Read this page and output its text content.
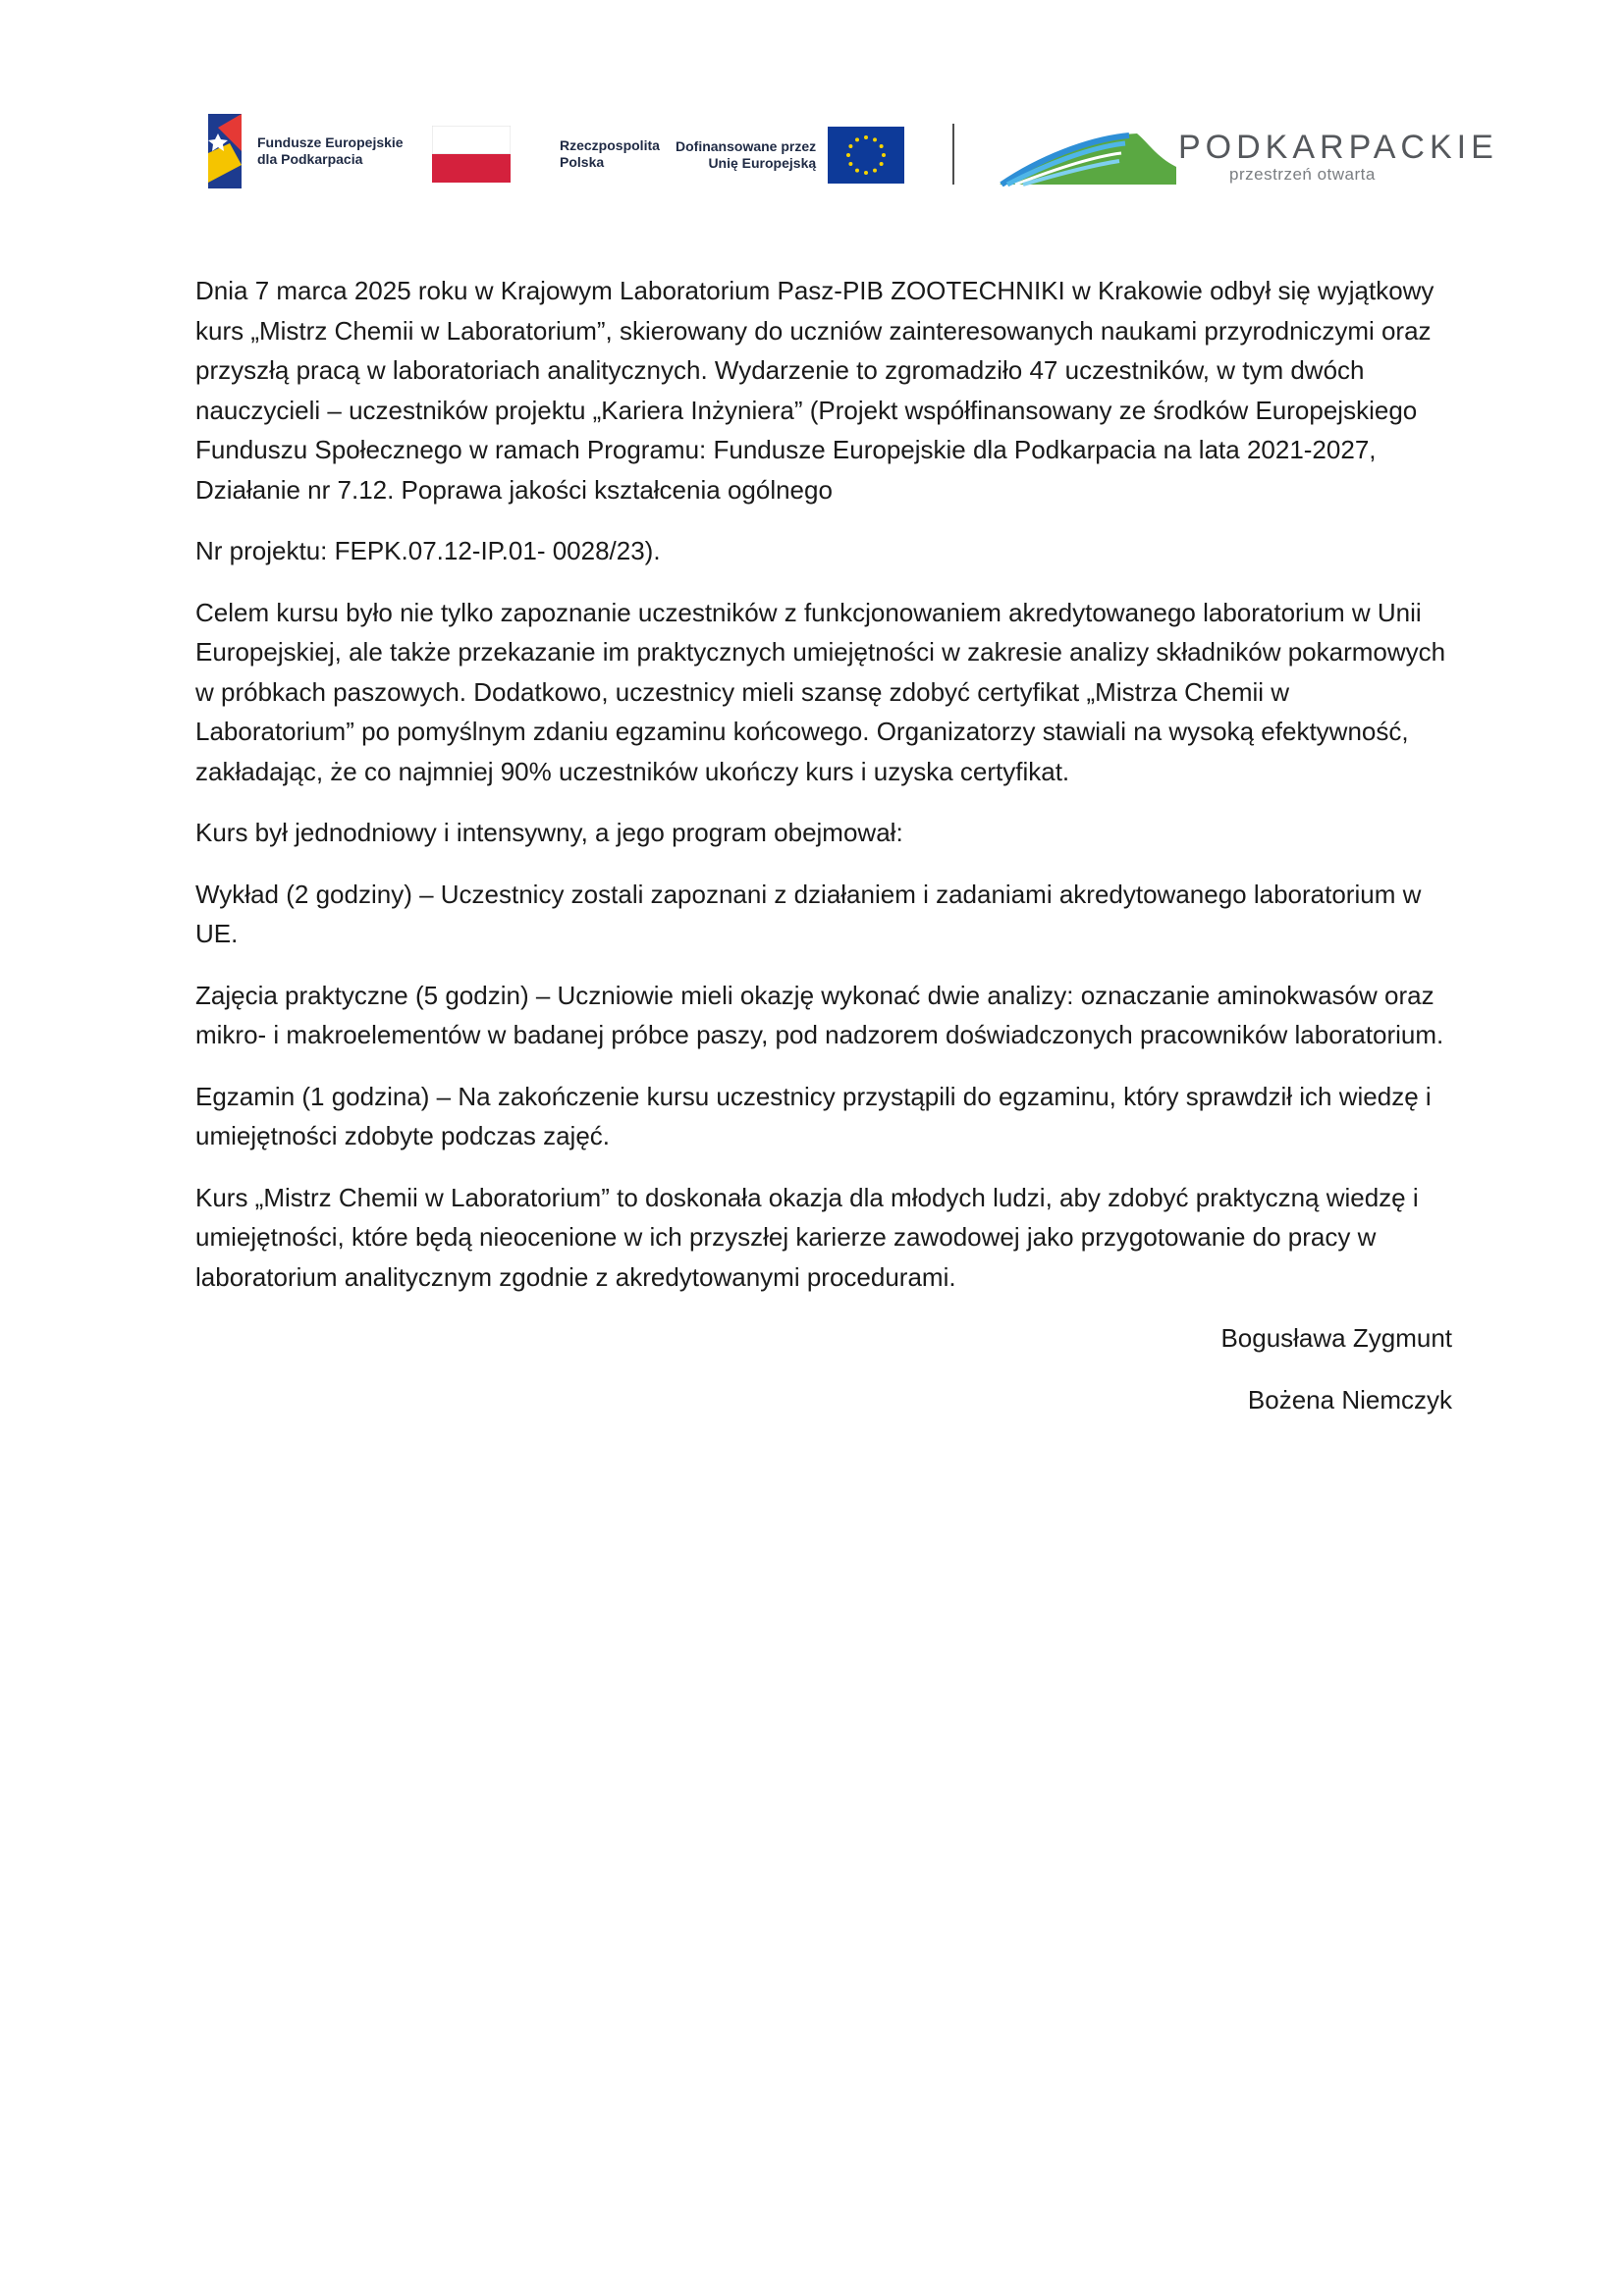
Fundusze Europejskie
dla Podkarpacia
Rzeczpospolita
Polska
Dofinansowane przez
Unię Europejską	PODKARPACKIE
przestrzeń otwarta

Dnia 7 marca 2025 roku w Krajowym Laboratorium Pasz-PIB ZOOTECHNIKI w Krakowie odbył się wyjątkowy kurs „Mistrz Chemii w Laboratorium”, skierowany do uczniów zainteresowanych naukami przyrodniczymi oraz przyszłą pracą w laboratoriach analitycznych. Wydarzenie to zgromadziło 47 uczestników, w tym dwóch nauczycieli – uczestników projektu „Kariera Inżyniera” (Projekt współfinansowany ze środków Europejskiego Funduszu Społecznego w ramach Programu: Fundusze Europejskie dla Podkarpacia na lata 2021-2027, Działanie nr 7.12. Poprawa jakości kształcenia ogólnego

Nr projektu: FEPK.07.12-IP.01- 0028/23).

Celem kursu było nie tylko zapoznanie uczestników z funkcjonowaniem akredytowanego laboratorium w Unii Europejskiej, ale także przekazanie im praktycznych umiejętności w zakresie analizy składników pokarmowych w próbkach paszowych. Dodatkowo, uczestnicy mieli szansę zdobyć certyfikat „Mistrza Chemii w Laboratorium” po pomyślnym zdaniu egzaminu końcowego. Organizatorzy stawiali na wysoką efektywność, zakładając, że co najmniej 90% uczestników ukończy kurs i uzyska certyfikat.

Kurs był jednodniowy i intensywny, a jego program obejmował:

Wykład (2 godziny) – Uczestnicy zostali zapoznani z działaniem i zadaniami akredytowanego laboratorium w UE.

Zajęcia praktyczne (5 godzin) – Uczniowie mieli okazję wykonać dwie analizy: oznaczanie aminokwasów oraz mikro- i makroelementów w badanej próbce paszy, pod nadzorem doświadczonych pracowników laboratorium.

Egzamin (1 godzina) – Na zakończenie kursu uczestnicy przystąpili do egzaminu, który sprawdził ich wiedzę i umiejętności zdobyte podczas zajęć.

Kurs „Mistrz Chemii w Laboratorium” to doskonała okazja dla młodych ludzi, aby zdobyć praktyczną wiedzę i umiejętności, które będą nieocenione w ich przyszłej karierze zawodowej jako przygotowanie do pracy w laboratorium analitycznym zgodnie z akredytowanymi procedurami.

Bogusława Zygmunt
Bożena Niemczyk
